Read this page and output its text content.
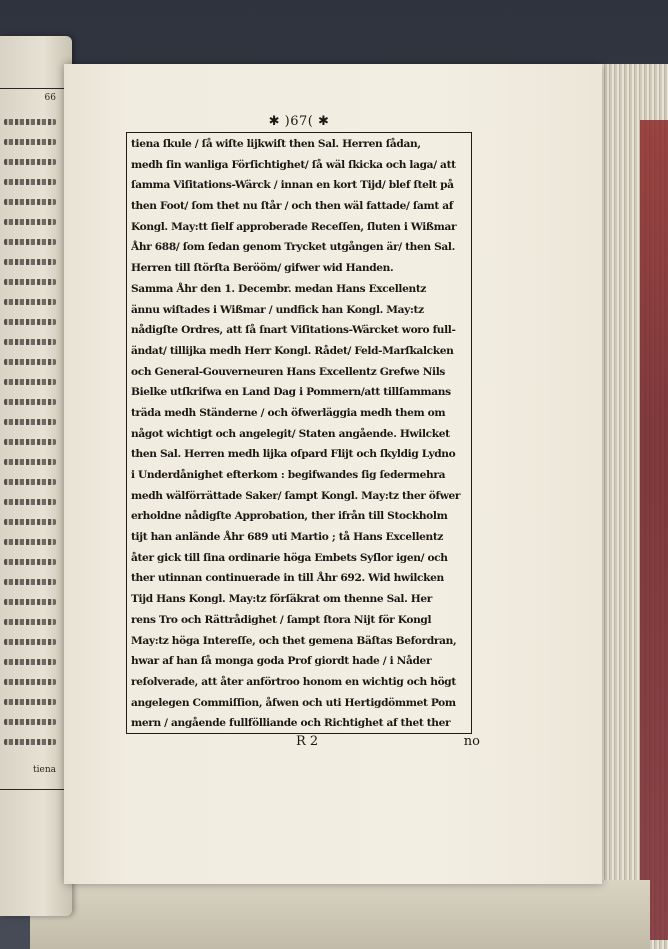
66
tiena
✱ )67( ✱
tiena ſkule / ſå wiſte lijkwiſt then Sal. Herren ſådan,
medh ſin wanliga Förſichtighet/ ſå wäl ſkicka och laga/ att
ſamma Viſitations-Wärck / innan en kort Tijd/ blef ſtelt på
then Foot/ ſom thet nu ſtår / och then wäl fattade/ ſamt af
Kongl. May:tt ſielf approberade Receſſen, ſluten i Wißmar
Åhr 688/ ſom ſedan genom Trycket utgången är/ then Sal.
Herren till ſtörſta Berööm/ gifwer wid Handen.
Samma Åhr den 1. Decembr. medan Hans Excellentz
ännu wiſtades i Wißmar / undfick han Kongl. May:tz
nådigſte Ordres, att ſå ſnart Viſitations-Wärcket woro full-
ändat/ tillijka medh Herr Kongl. Rådet/ Feld-Marſkalcken
och General-Gouverneuren Hans Excellentz Grefwe Nils
Bielke utſkrifwa en Land Dag i Pommern/att tillſammans
träda medh Ständerne / och öfwerläggia medh them om
något wichtigt och angelegit/ Staten angående. Hwilcket
then Sal. Herren medh lijka oſpard Flijt och ſkyldig Lydno
i Underdånighet efterkom : begifwandes ſig ſedermehra
medh wälförrättade Saker/ ſampt Kongl. May:tz ther öfwer
erholdne nådigſte Approbation, ther ifrån till Stockholm
tijt han anlände Åhr 689 uti Martio ; tå Hans Excellentz
åter gick till ſina ordinarie höga Embets Syſlor igen/ och
ther utinnan continuerade in till Åhr 692. Wid hwilcken
Tijd Hans Kongl. May:tz förſäkrat om thenne Sal. Her
rens Tro och Rättrådighet / ſampt ſtora Nijt för Kongl
May:tz höga Intereſſe, och thet gemena Bäſtas Befordran,
hwar af han ſå monga goda Prof giordt hade / i Nåder
reſolverade, att åter anförtroo honom en wichtig och högt
angelegen Commiſſion, åfwen och uti Hertigdömmet Pom
mern / angående fullfölliande och Richtighet af thet ther
R 2	no
